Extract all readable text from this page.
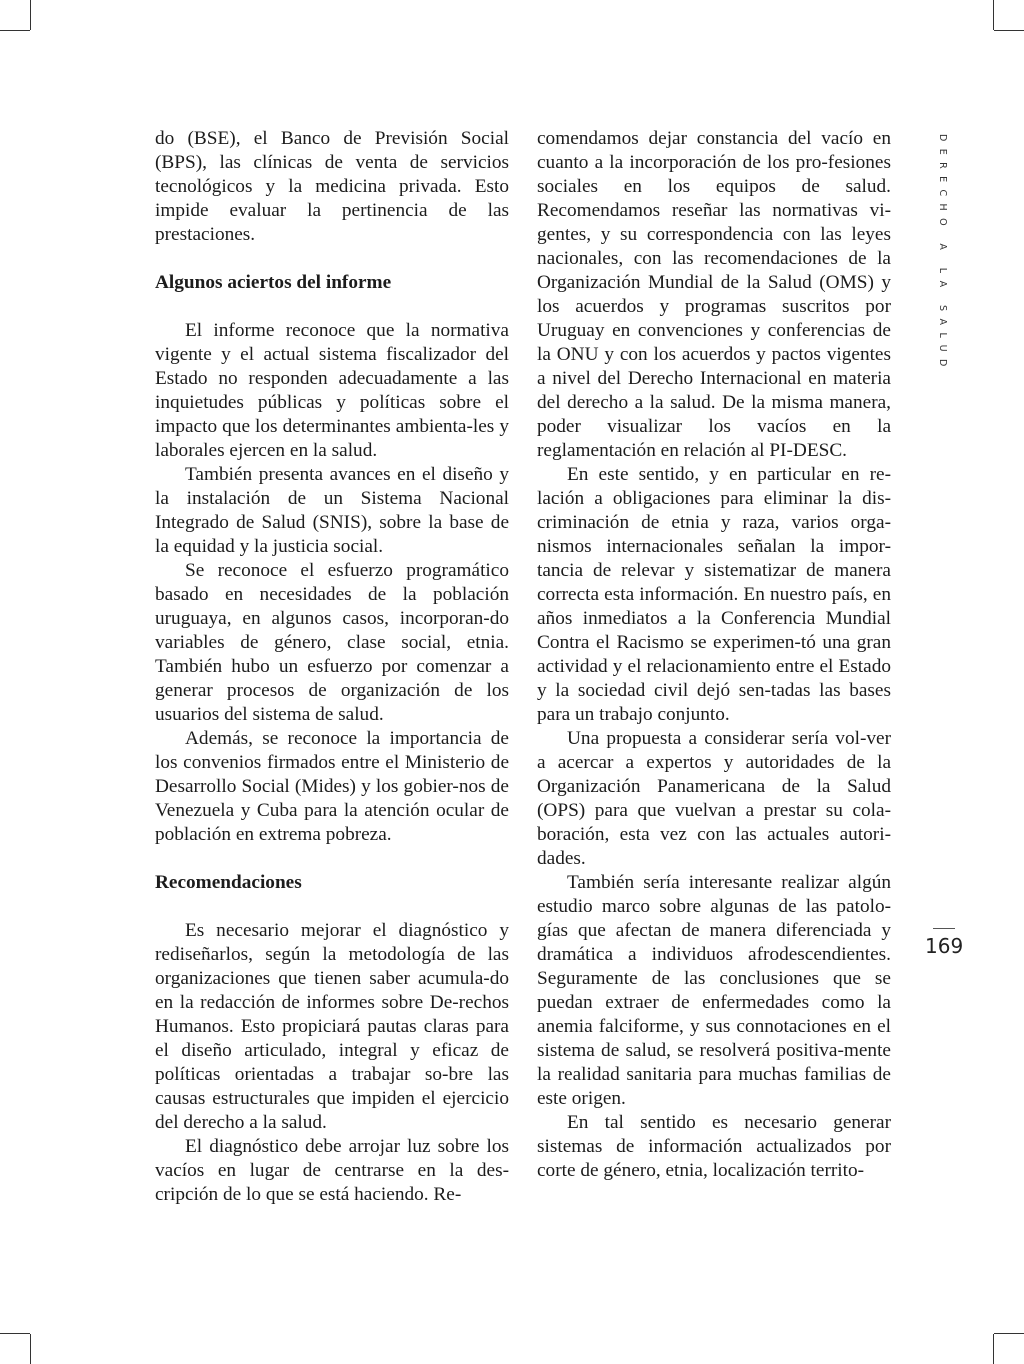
do (BSE), el Banco de Previsión Social (BPS), las clínicas de venta de servicios tecnológicos y la medicina privada. Esto impide evaluar la pertinencia de las prestaciones.

Algunos aciertos del informe

El informe reconoce que la normativa vigente y el actual sistema fiscalizador del Estado no responden adecuadamente a las inquietudes públicas y políticas sobre el impacto que los determinantes ambienta-les y laborales ejercen en la salud.

También presenta avances en el diseño y la instalación de un Sistema Nacional Integrado de Salud (SNIS), sobre la base de la equidad y la justicia social.

Se reconoce el esfuerzo programático basado en necesidades de la población uruguaya, en algunos casos, incorporan-do variables de género, clase social, etnia. También hubo un esfuerzo por comenzar a generar procesos de organización de los usuarios del sistema de salud.

Además, se reconoce la importancia de los convenios firmados entre el Ministerio de Desarrollo Social (Mides) y los gobier-nos de Venezuela y Cuba para la atención ocular de población en extrema pobreza.

Recomendaciones

Es necesario mejorar el diagnóstico y rediseñarlos, según la metodología de las organizaciones que tienen saber acumula-do en la redacción de informes sobre De-rechos Humanos. Esto propiciará pautas claras para el diseño articulado, integral y eficaz de políticas orientadas a trabajar so-bre las causas estructurales que impiden el ejercicio del derecho a la salud.

El diagnóstico debe arrojar luz sobre los vacíos en lugar de centrarse en la des-cripción de lo que se está haciendo. Re-

comendamos dejar constancia del vacío en cuanto a la incorporación de los pro-fesiones sociales en los equipos de salud. Recomendamos reseñar las normativas vi-gentes, y su correspondencia con las leyes nacionales, con las recomendaciones de la Organización Mundial de la Salud (OMS) y los acuerdos y programas suscritos por Uruguay en convenciones y conferencias de la ONU y con los acuerdos y pactos vigentes a nivel del Derecho Internacional en materia del derecho a la salud. De la misma manera, poder visualizar los vacíos en la reglamentación en relación al PI-DESC.

En este sentido, y en particular en re-lación a obligaciones para eliminar la dis-criminación de etnia y raza, varios orga-nismos internacionales señalan la impor-tancia de relevar y sistematizar de manera correcta esta información. En nuestro país, en años inmediatos a la Conferencia Mundial Contra el Racismo se experimen-tó una gran actividad y el relacionamiento entre el Estado y la sociedad civil dejó sen-tadas las bases para un trabajo conjunto.

Una propuesta a considerar sería vol-ver a acercar a expertos y autoridades de la Organización Panamericana de la Salud (OPS) para que vuelvan a prestar su cola-boración, esta vez con las actuales autori-dades.

También sería interesante realizar algún estudio marco sobre algunas de las patolo-gías que afectan de manera diferenciada y dramática a individuos afrodescendientes. Seguramente de las conclusiones que se puedan extraer de enfermedades como la anemia falciforme, y sus connotaciones en el sistema de salud, se resolverá positiva-mente la realidad sanitaria para muchas familias de este origen.

En tal sentido es necesario generar sistemas de información actualizados por corte de género, etnia, localización territo-

DERECHO A LA SALUD
169
